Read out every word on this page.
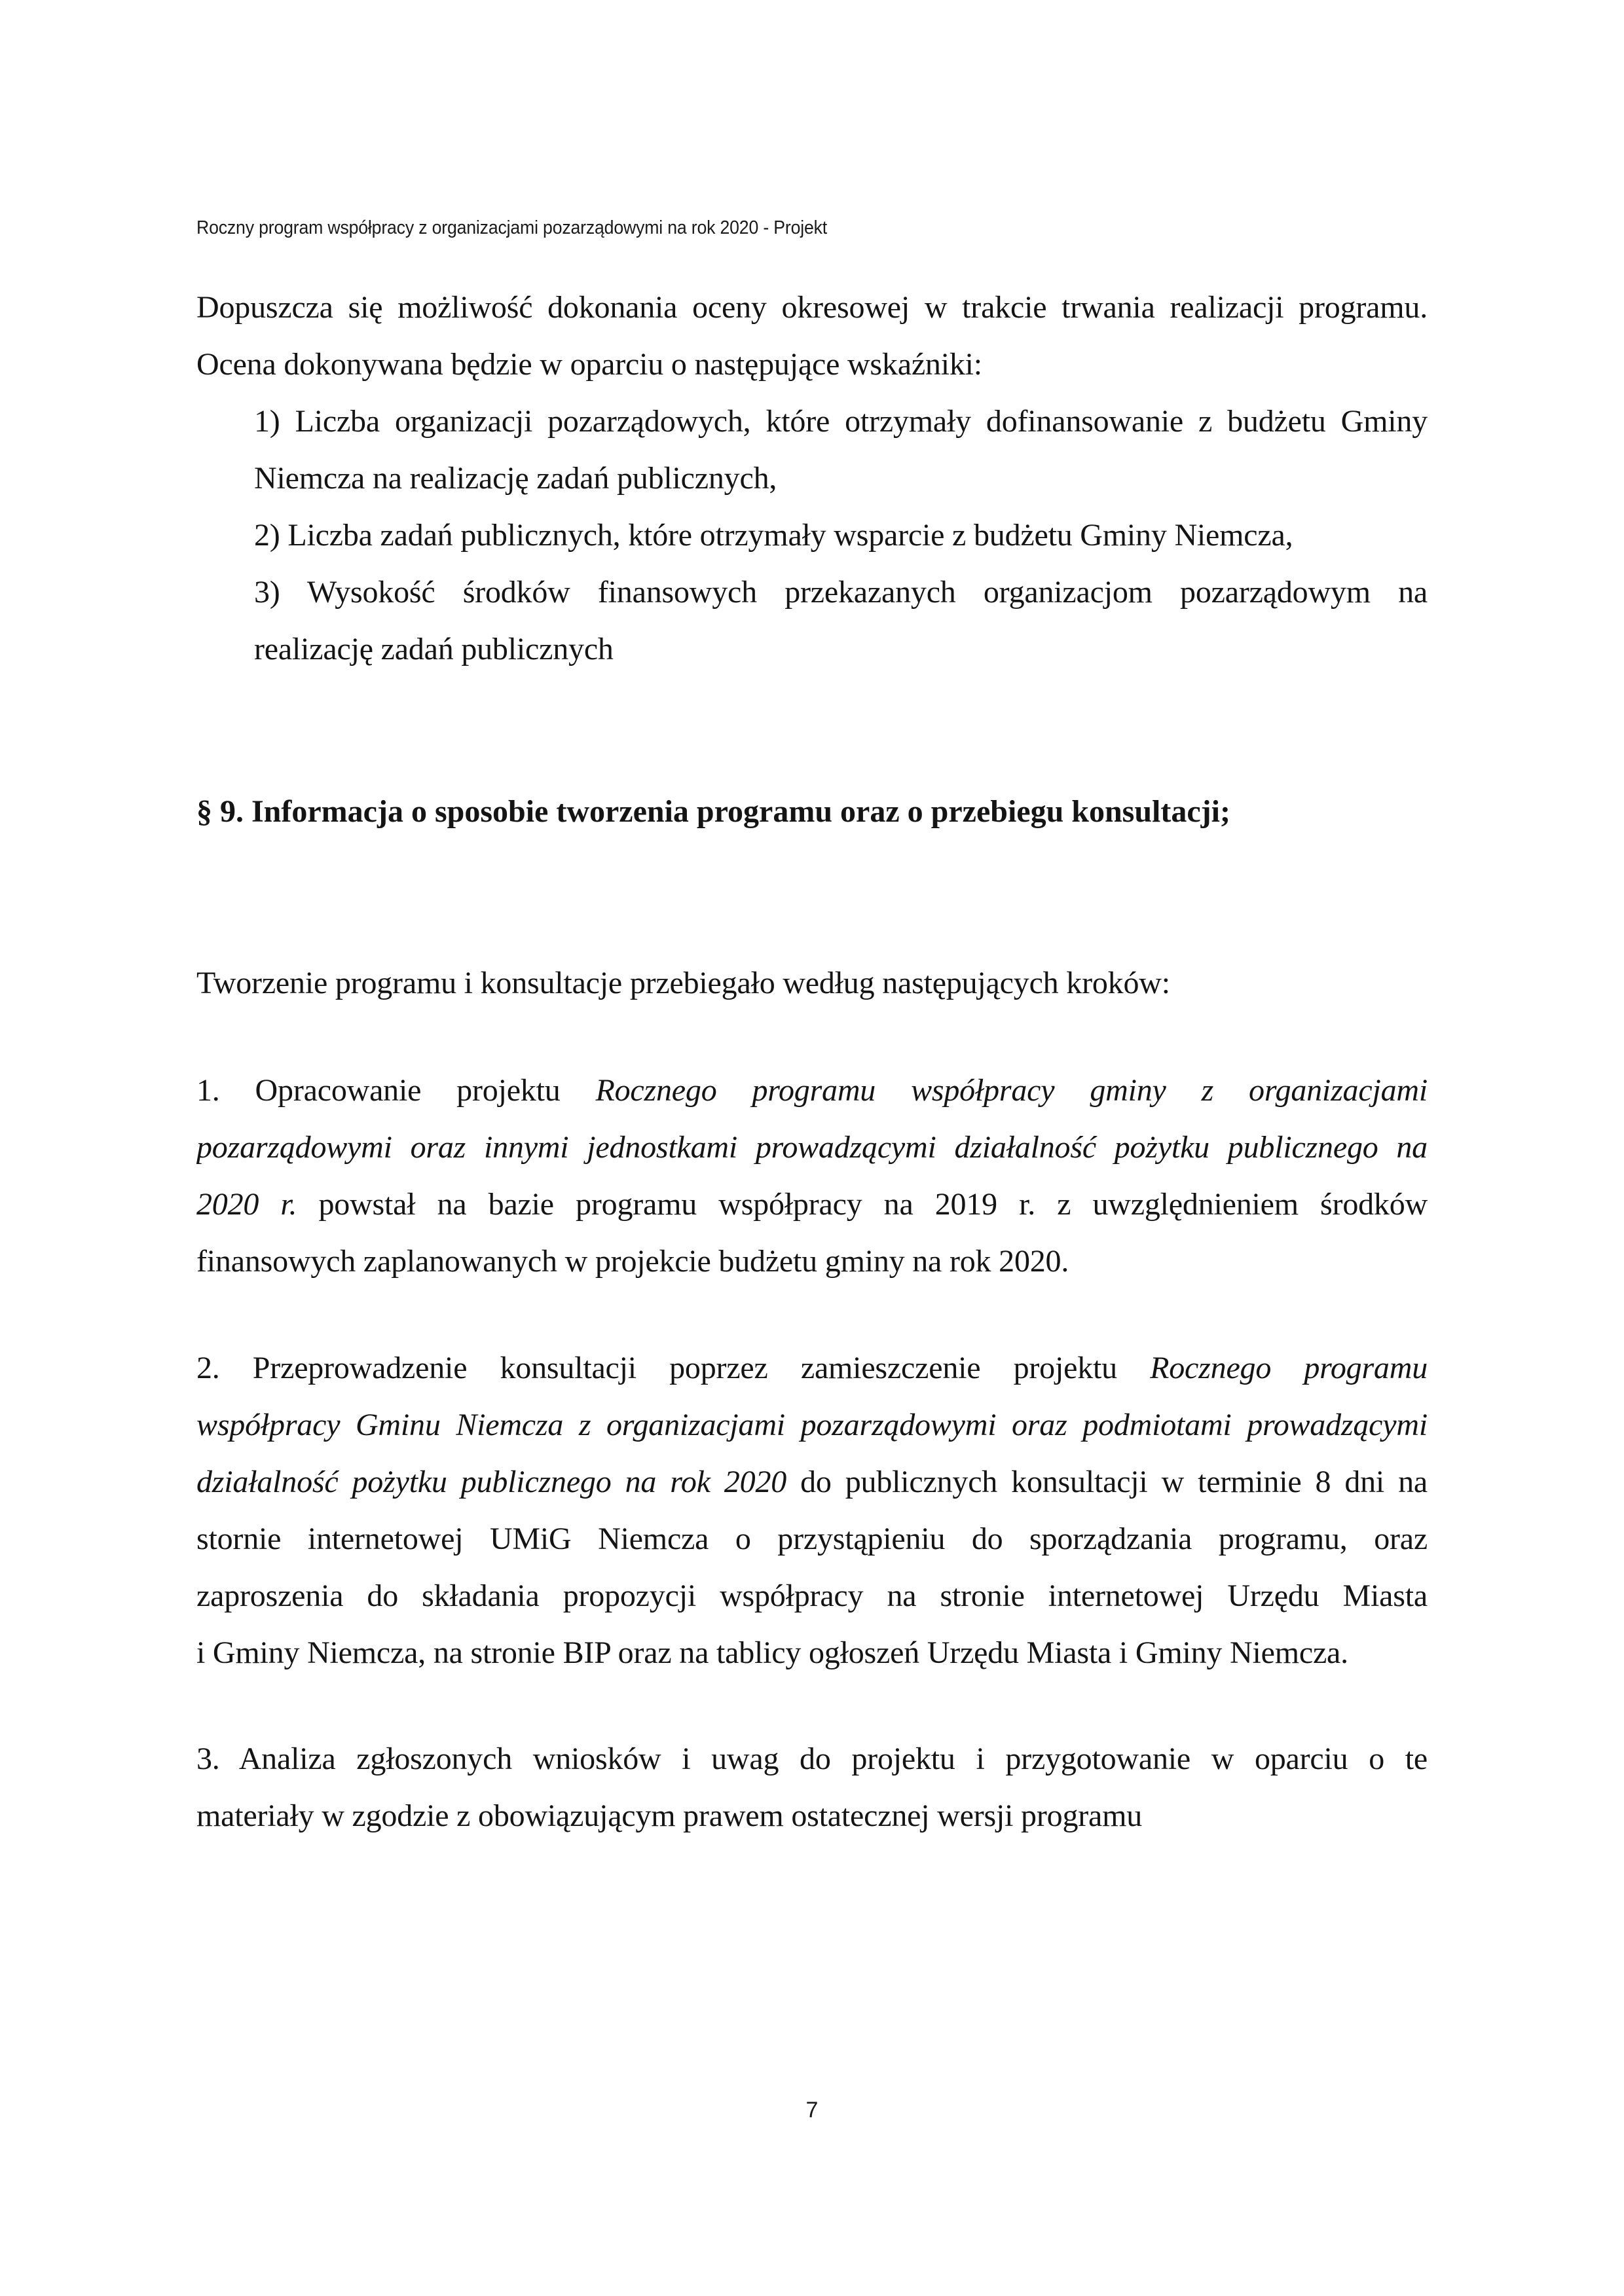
Roczny program współpracy z organizacjami pozarządowymi na rok 2020 - Projekt
Dopuszcza się możliwość dokonania oceny okresowej w trakcie trwania realizacji programu.
Ocena dokonywana będzie w oparciu o następujące wskaźniki:
1) Liczba organizacji pozarządowych, które otrzymały dofinansowanie z budżetu Gminy
Niemcza na realizację zadań publicznych,
2) Liczba zadań publicznych, które otrzymały wsparcie z budżetu Gminy Niemcza,
3) Wysokość środków finansowych przekazanych organizacjom pozarządowym na
realizację zadań publicznych
§ 9. Informacja o sposobie tworzenia programu oraz o przebiegu konsultacji;
Tworzenie programu i konsultacje przebiegało według następujących kroków:
1. Opracowanie projektu Rocznego programu współpracy gminy z organizacjami
pozarządowymi oraz innymi jednostkami prowadzącymi działalność pożytku publicznego na
2020 r. powstał na bazie programu współpracy na 2019 r. z uwzględnieniem środków
finansowych zaplanowanych w projekcie budżetu gminy na rok 2020.
2. Przeprowadzenie konsultacji poprzez zamieszczenie projektu Rocznego programu
współpracy Gminu Niemcza z organizacjami pozarządowymi oraz podmiotami prowadzącymi
działalność pożytku publicznego na rok 2020 do publicznych konsultacji w terminie 8 dni na
stornie internetowej UMiG Niemcza o przystąpieniu do sporządzania programu, oraz
zaproszenia do składania propozycji współpracy na stronie internetowej Urzędu Miasta
i Gminy Niemcza, na stronie BIP oraz na tablicy ogłoszeń Urzędu Miasta i Gminy Niemcza.
3. Analiza zgłoszonych wniosków i uwag do projektu i przygotowanie w oparciu o te
materiały w zgodzie z obowiązującym prawem ostatecznej wersji programu
7
